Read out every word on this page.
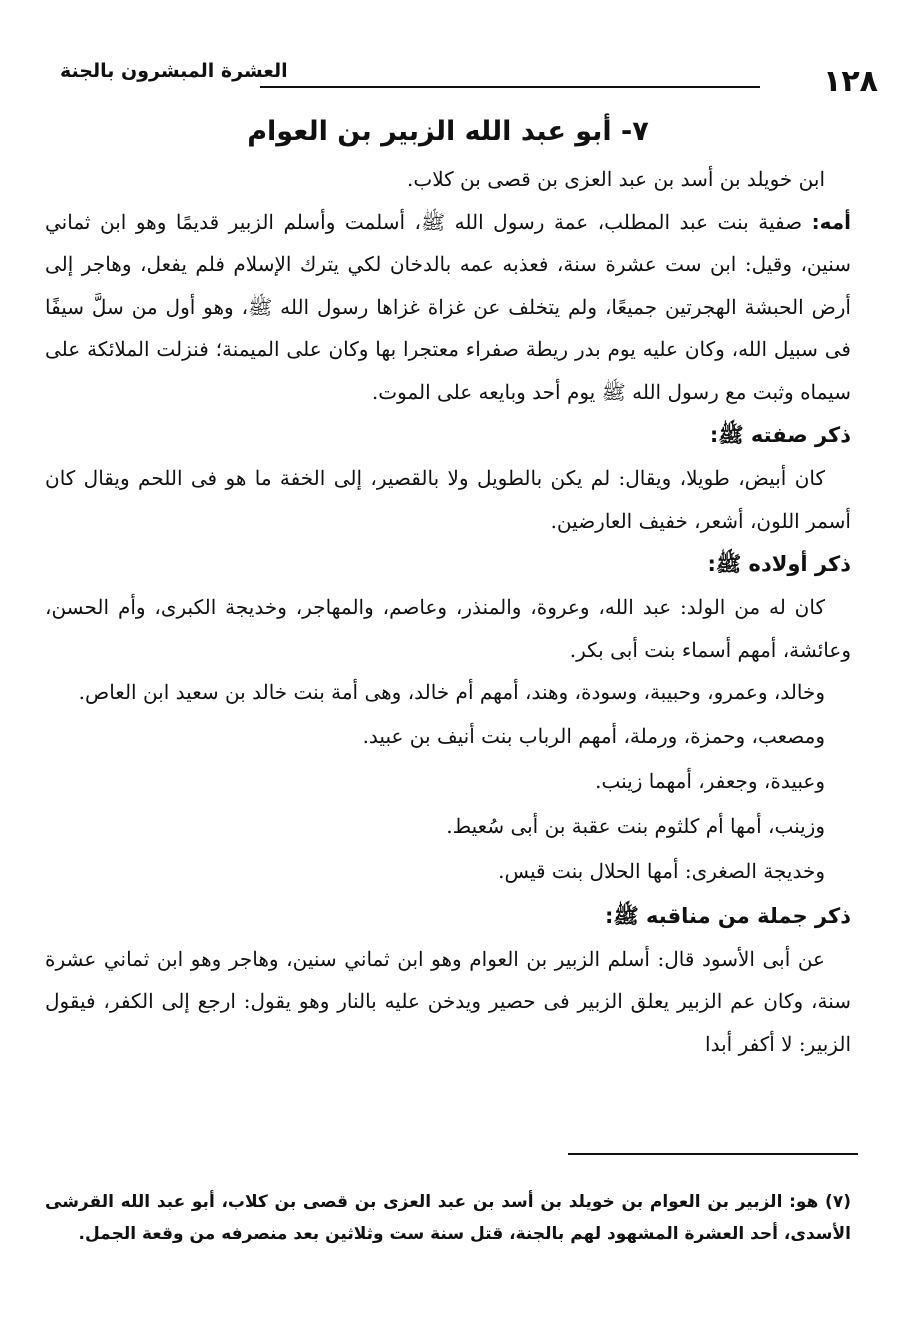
١٢٨
العشرة المبشرون بالجنة
٧- أبو عبد الله الزبير بن العوام

ابن خويلد بن أسد بن عبد العزى بن قصى بن كلاب.

أمه: صفية بنت عبد المطلب، عمة رسول الله ﷺ، أسلمت وأسلم الزبير قديمًا وهو ابن ثماني سنين، وقيل: ابن ست عشرة سنة، فعذبه عمه بالدخان لكي يترك الإسلام فلم يفعل، وهاجر إلى أرض الحبشة الهجرتين جميعًا، ولم يتخلف عن غزاة غزاها رسول الله ﷺ، وهو أول من سلَّ سيفًا فى سبيل الله، وكان عليه يوم بدر ريطة صفراء معتجرا بها وكان على الميمنة؛ فنزلت الملائكة على سيماه وثبت مع رسول الله ﷺ يوم أحد وبايعه على الموت.

ذكر صفته ﷺ:

كان أبيض، طويلا، ويقال: لم يكن بالطويل ولا بالقصير، إلى الخفة ما هو فى اللحم ويقال كان أسمر اللون، أشعر، خفيف العارضين.

ذكر أولاده ﷺ:

كان له من الولد: عبد الله، وعروة، والمنذر، وعاصم، والمهاجر، وخديجة الكبرى، وأم الحسن، وعائشة، أمهم أسماء بنت أبى بكر.

وخالد، وعمرو، وحبيبة، وسودة، وهند، أمهم أم خالد، وهى أمة بنت خالد بن سعيد ابن العاص.

ومصعب، وحمزة، ورملة، أمهم الرباب بنت أنيف بن عبيد.
وعبيدة، وجعفر، أمهما زينب.
وزينب، أمها أم كلثوم بنت عقبة بن أبى سُعيط.
وخديجة الصغرى: أمها الحلال بنت قيس.
ذكر جملة من مناقبه ﷺ:

عن أبى الأسود قال: أسلم الزبير بن العوام وهو ابن ثماني سنين، وهاجر وهو ابن ثماني عشرة سنة، وكان عم الزبير يعلق الزبير فى حصير ويدخن عليه بالنار وهو يقول: ارجع إلى الكفر، فيقول الزبير: لا أكفر أبدا

(٧) هو: الزبير بن العوام بن خويلد بن أسد بن عبد العزى بن قصى بن كلاب، أبو عبد الله القرشى الأسدى، أحد العشرة المشهود لهم بالجنة، قتل سنة ست وثلاثين بعد منصرفه من وقعة الجمل.
